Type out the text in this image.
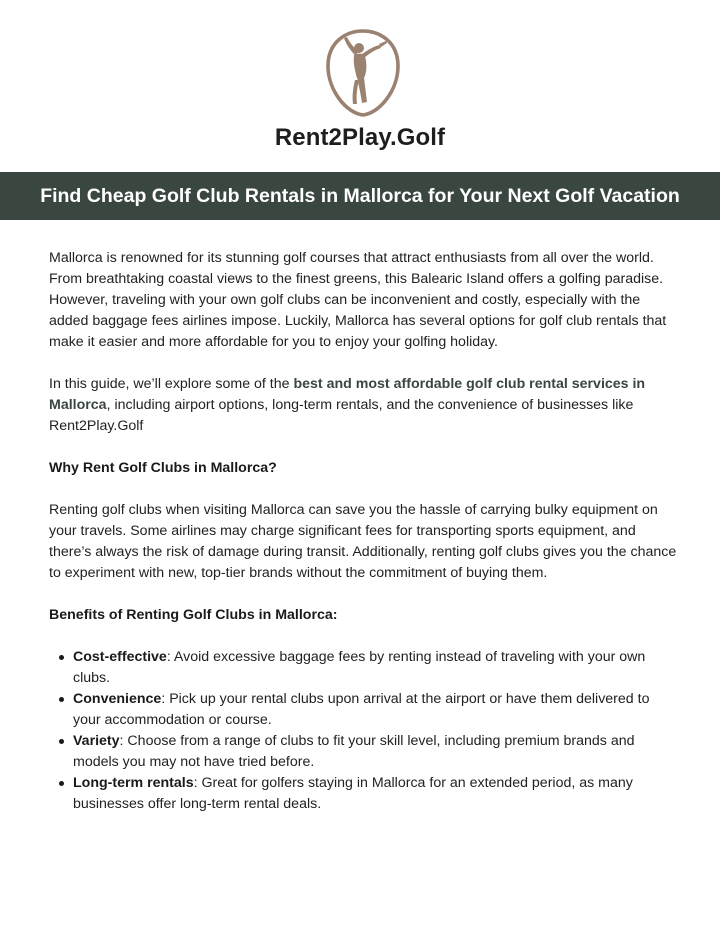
Rent2Play.Golf
Find Cheap Golf Club Rentals in Mallorca for Your Next Golf Vacation

Mallorca is renowned for its stunning golf courses that attract enthusiasts from all over the world. From breathtaking coastal views to the finest greens, this Balearic Island offers a golfing paradise. However, traveling with your own golf clubs can be inconvenient and costly, especially with the added baggage fees airlines impose. Luckily, Mallorca has several options for golf club rentals that make it easier and more affordable for you to enjoy your golfing holiday.

In this guide, we’ll explore some of the best and most affordable golf club rental services in Mallorca, including airport options, long-term rentals, and the convenience of businesses like Rent2Play.Golf

Why Rent Golf Clubs in Mallorca?

Renting golf clubs when visiting Mallorca can save you the hassle of carrying bulky equipment on your travels. Some airlines may charge significant fees for transporting sports equipment, and there’s always the risk of damage during transit. Additionally, renting golf clubs gives you the chance to experiment with new, top-tier brands without the commitment of buying them.

Benefits of Renting Golf Clubs in Mallorca:

Cost-effective: Avoid excessive baggage fees by renting instead of traveling with your own clubs.
Convenience: Pick up your rental clubs upon arrival at the airport or have them delivered to your accommodation or course.
Variety: Choose from a range of clubs to fit your skill level, including premium brands and models you may not have tried before.
Long-term rentals: Great for golfers staying in Mallorca for an extended period, as many businesses offer long-term rental deals.
